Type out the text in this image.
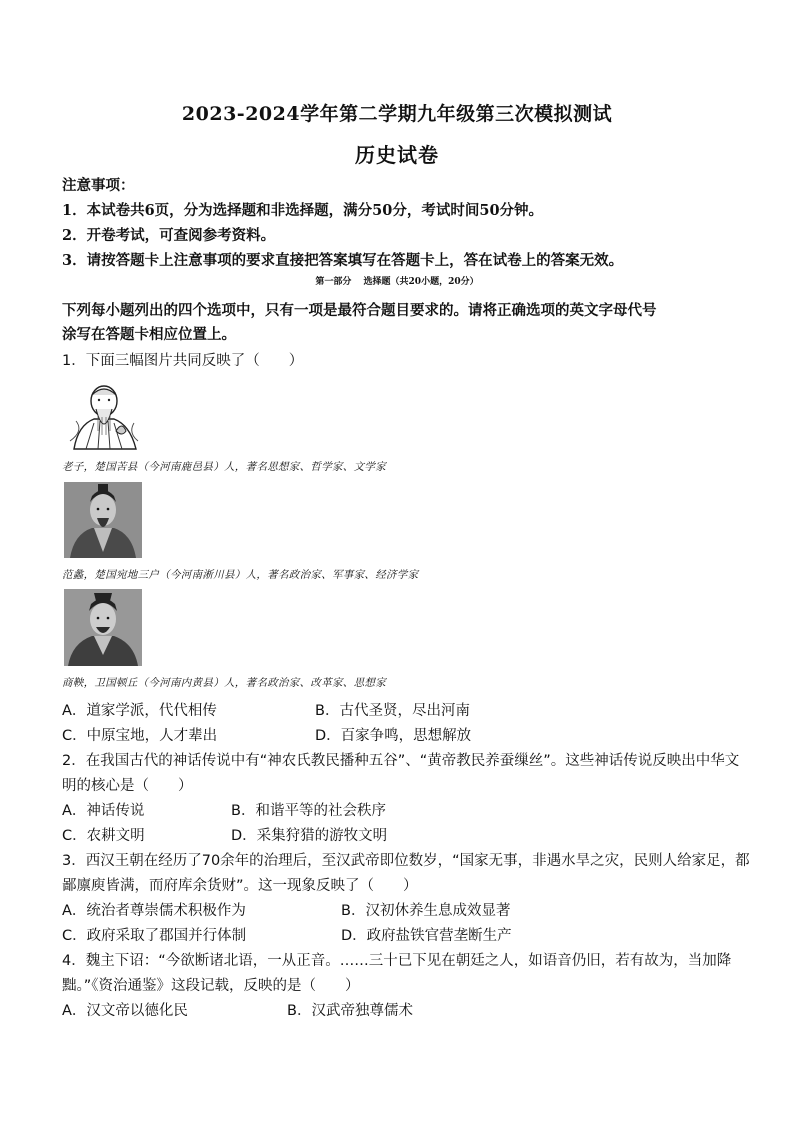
2023-2024学年第二学期九年级第三次模拟测试
历史试卷
注意事项：
1．本试卷共6页，分为选择题和非选择题，满分50分，考试时间50分钟。
2．开卷考试，可查阅参考资料。
3．请按答题卡上注意事项的要求直接把答案填写在答题卡上，答在试卷上的答案无效。
第一部分　 选择题（共20小题，20分）
下列每小题列出的四个选项中，只有一项是最符合题目要求的。请将正确选项的英文字母代号
涂写在答题卡相应位置上。
1．下面三幅图片共同反映了（　　）
老子，楚国苦县（今河南鹿邑县）人，著名思想家、哲学家、文学家
范蠡，楚国宛地三户（今河南淅川县）人，著名政治家、军事家、经济学家
商鞅，卫国顿丘（今河南内黄县）人，著名政治家、改革家、思想家
A．道家学派，代代相传	B．古代圣贤，尽出河南
C．中原宝地，人才辈出	D．百家争鸣，思想解放
2．在我国古代的神话传说中有“神农氏教民播种五谷”、“黄帝教民养蚕缫丝”。这些神话传说反映出中华文
明的核心是（　　）
A．神话传说	B．和谐平等的社会秩序
C．农耕文明	D．采集狩猎的游牧文明
3．西汉王朝在经历了70余年的治理后，至汉武帝即位数岁，“国家无事，非遇水旱之灾，民则人给家足，都
鄙廪庾皆满，而府库余货财”。这一现象反映了（　　）
A．统治者尊崇儒术积极作为	B．汉初休养生息成效显著
C．政府采取了郡国并行体制	D．政府盐铁官营垄断生产
4．魏主下诏：“今欲断诸北语，一从正音。……三十已下见在朝廷之人，如语音仍旧，若有故为，当加降
黜。”《资治通鉴》这段记载，反映的是（　　）
A．汉文帝以德化民	B．汉武帝独尊儒术
